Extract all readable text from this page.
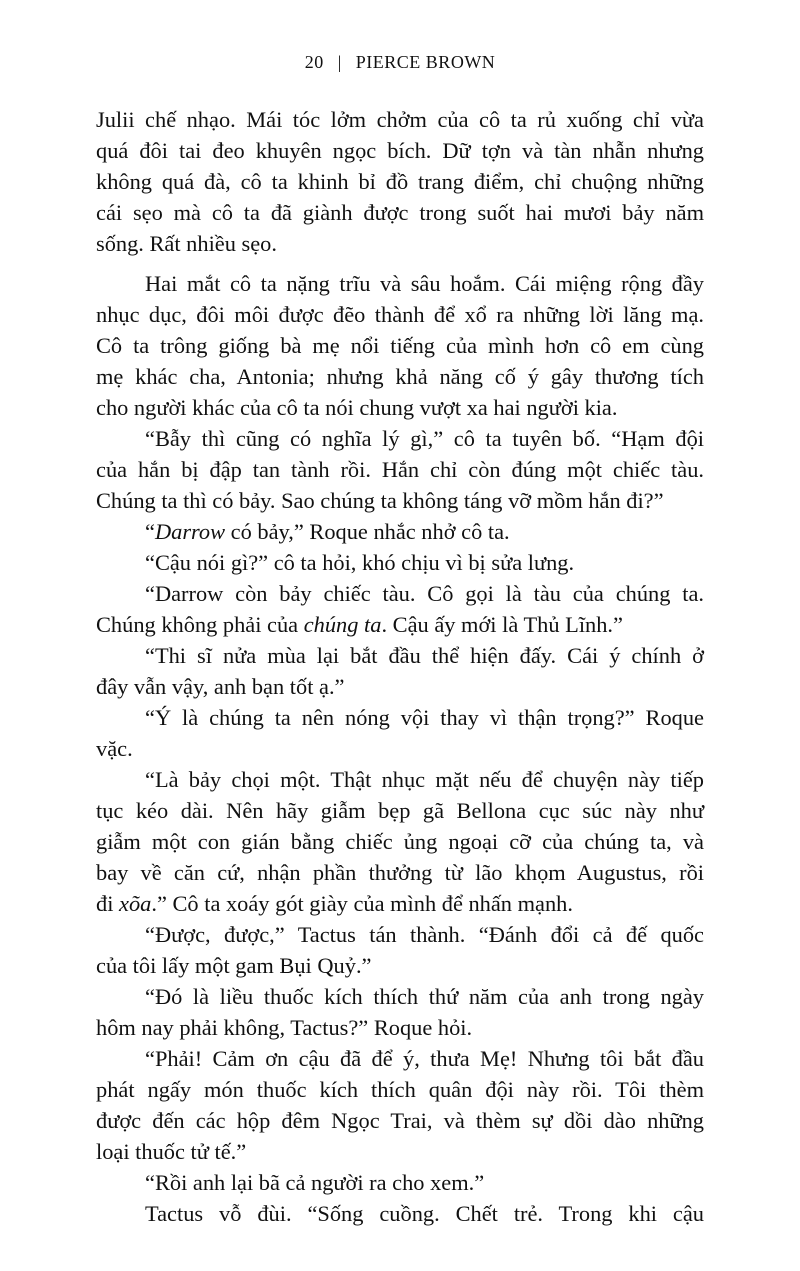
20 | PIERCE BROWN
Julii chế nhạo. Mái tóc lởm chởm của cô ta rủ xuống chỉ vừa
quá đôi tai đeo khuyên ngọc bích. Dữ tợn và tàn nhẫn nhưng
không quá đà, cô ta khinh bỉ đồ trang điểm, chỉ chuộng những
cái sẹo mà cô ta đã giành được trong suốt hai mươi bảy năm
sống. Rất nhiều sẹo.
Hai mắt cô ta nặng trĩu và sâu hoắm. Cái miệng rộng đầy
nhục dục, đôi môi được đẽo thành để xổ ra những lời lăng mạ.
Cô ta trông giống bà mẹ nổi tiếng của mình hơn cô em cùng
mẹ khác cha, Antonia; nhưng khả năng cố ý gây thương tích
cho người khác của cô ta nói chung vượt xa hai người kia.
“Bẫy thì cũng có nghĩa lý gì,” cô ta tuyên bố. “Hạm đội
của hắn bị đập tan tành rồi. Hắn chỉ còn đúng một chiếc tàu.
Chúng ta thì có bảy. Sao chúng ta không táng vỡ mồm hắn đi?”
“Darrow có bảy,” Roque nhắc nhở cô ta.
“Cậu nói gì?” cô ta hỏi, khó chịu vì bị sửa lưng.
“Darrow còn bảy chiếc tàu. Cô gọi là tàu của chúng ta.
Chúng không phải của chúng ta. Cậu ấy mới là Thủ Lĩnh.”
“Thi sĩ nửa mùa lại bắt đầu thể hiện đấy. Cái ý chính ở
đây vẫn vậy, anh bạn tốt ạ.”
“Ý là chúng ta nên nóng vội thay vì thận trọng?” Roque
vặc.
“Là bảy chọi một. Thật nhục mặt nếu để chuyện này tiếp
tục kéo dài. Nên hãy giẫm bẹp gã Bellona cục súc này như
giẫm một con gián bằng chiếc ủng ngoại cỡ của chúng ta, và
bay về căn cứ, nhận phần thưởng từ lão khọm Augustus, rồi
đi xõa.” Cô ta xoáy gót giày của mình để nhấn mạnh.
“Được, được,” Tactus tán thành. “Đánh đổi cả đế quốc
của tôi lấy một gam Bụi Quỷ.”
“Đó là liều thuốc kích thích thứ năm của anh trong ngày
hôm nay phải không, Tactus?” Roque hỏi.
“Phải! Cảm ơn cậu đã để ý, thưa Mẹ! Nhưng tôi bắt đầu
phát ngấy món thuốc kích thích quân đội này rồi. Tôi thèm
được đến các hộp đêm Ngọc Trai, và thèm sự dồi dào những
loại thuốc tử tế.”
“Rồi anh lại bã cả người ra cho xem.”
Tactus vỗ đùi. “Sống cuồng. Chết trẻ. Trong khi cậu
